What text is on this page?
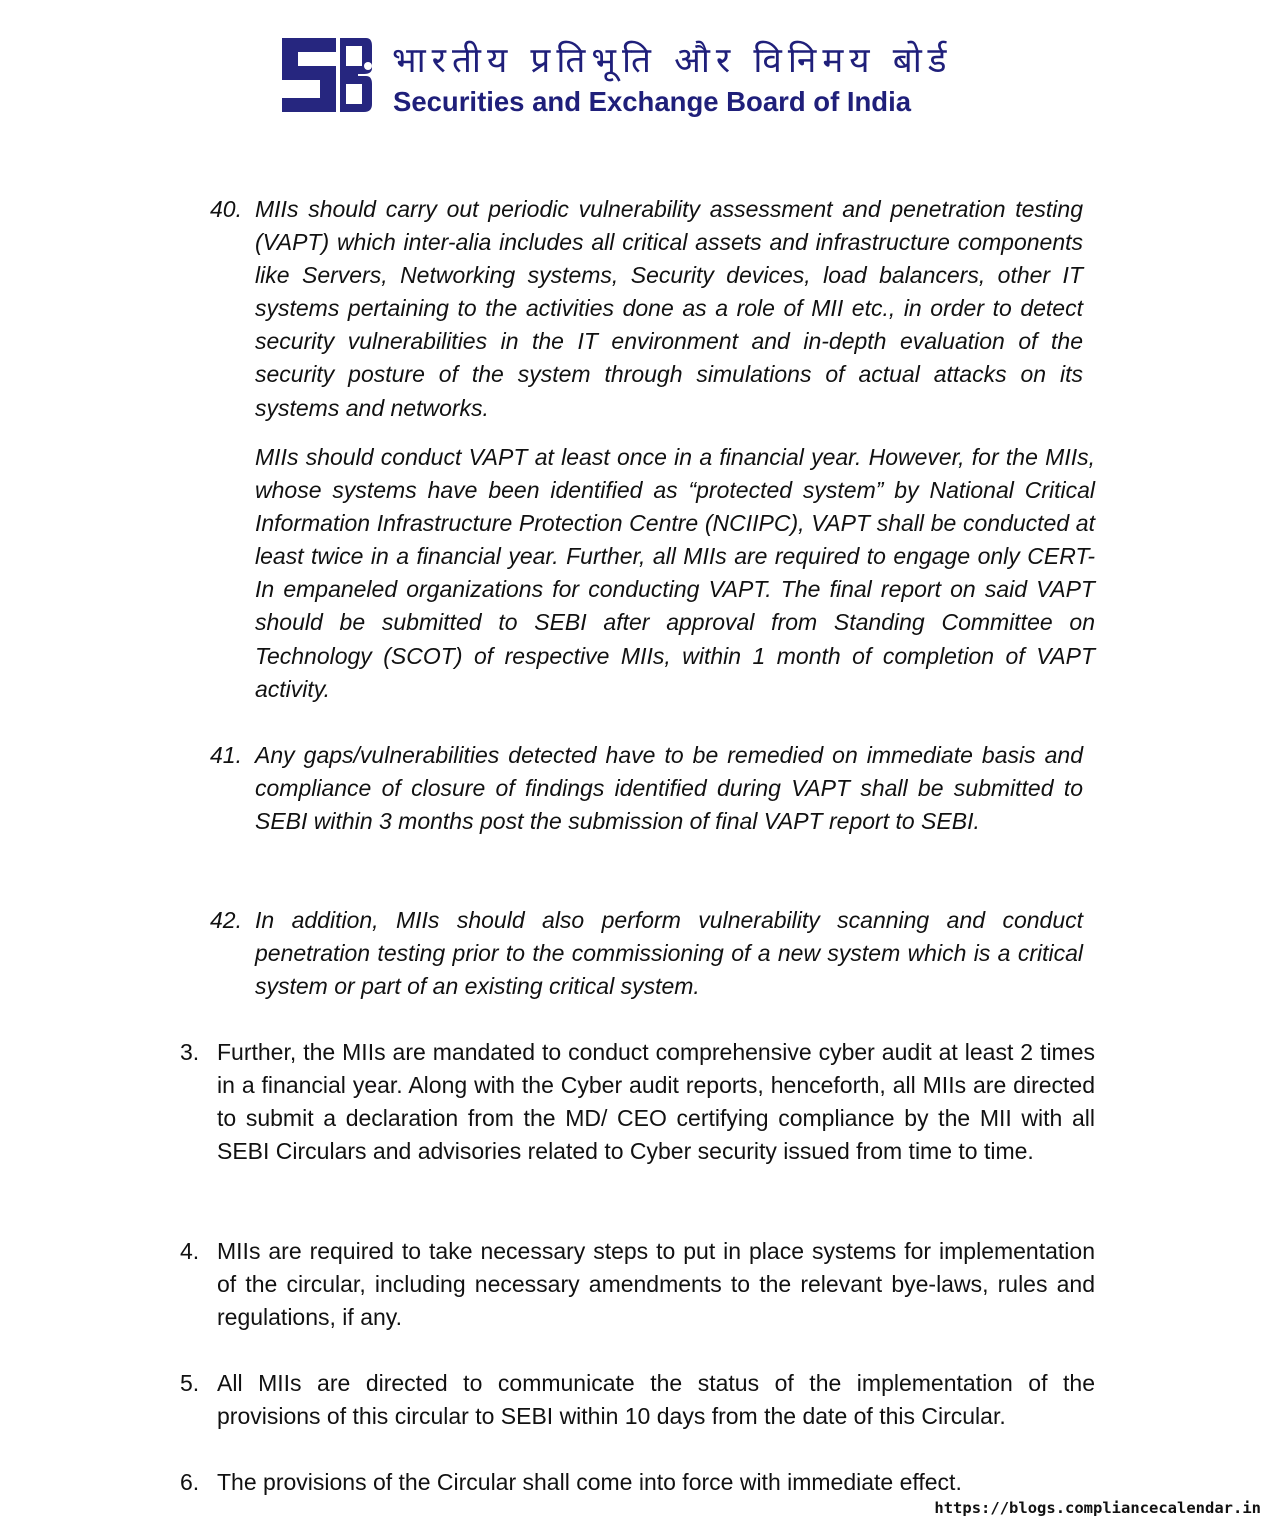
भारतीय प्रतिभूति और विनिमय बोर्ड
Securities and Exchange Board of India

40. MIIs should carry out periodic vulnerability assessment and penetration testing (VAPT) which inter-alia includes all critical assets and infrastructure components like Servers, Networking systems, Security devices, load balancers, other IT systems pertaining to the activities done as a role of MII etc., in order to detect security vulnerabilities in the IT environment and in-depth evaluation of the security posture of the system through simulations of actual attacks on its systems and networks.

MIIs should conduct VAPT at least once in a financial year. However, for the MIIs, whose systems have been identified as “protected system” by National Critical Information Infrastructure Protection Centre (NCIIPC), VAPT shall be conducted at least twice in a financial year. Further, all MIIs are required to engage only CERT-In empaneled organizations for conducting VAPT. The final report on said VAPT should be submitted to SEBI after approval from Standing Committee on Technology (SCOT) of respective MIIs, within 1 month of completion of VAPT activity.

41. Any gaps/vulnerabilities detected have to be remedied on immediate basis and compliance of closure of findings identified during VAPT shall be submitted to SEBI within 3 months post the submission of final VAPT report to SEBI.

42. In addition, MIIs should also perform vulnerability scanning and conduct penetration testing prior to the commissioning of a new system which is a critical system or part of an existing critical system.

3. Further, the MIIs are mandated to conduct comprehensive cyber audit at least 2 times in a financial year. Along with the Cyber audit reports, henceforth, all MIIs are directed to submit a declaration from the MD/ CEO certifying compliance by the MII with all SEBI Circulars and advisories related to Cyber security issued from time to time.

4. MIIs are required to take necessary steps to put in place systems for implementation of the circular, including necessary amendments to the relevant bye-laws, rules and regulations, if any.

5. All MIIs are directed to communicate the status of the implementation of the provisions of this circular to SEBI within 10 days from the date of this Circular.

6. The provisions of the Circular shall come into force with immediate effect.

https://blogs.compliancecalendar.in
